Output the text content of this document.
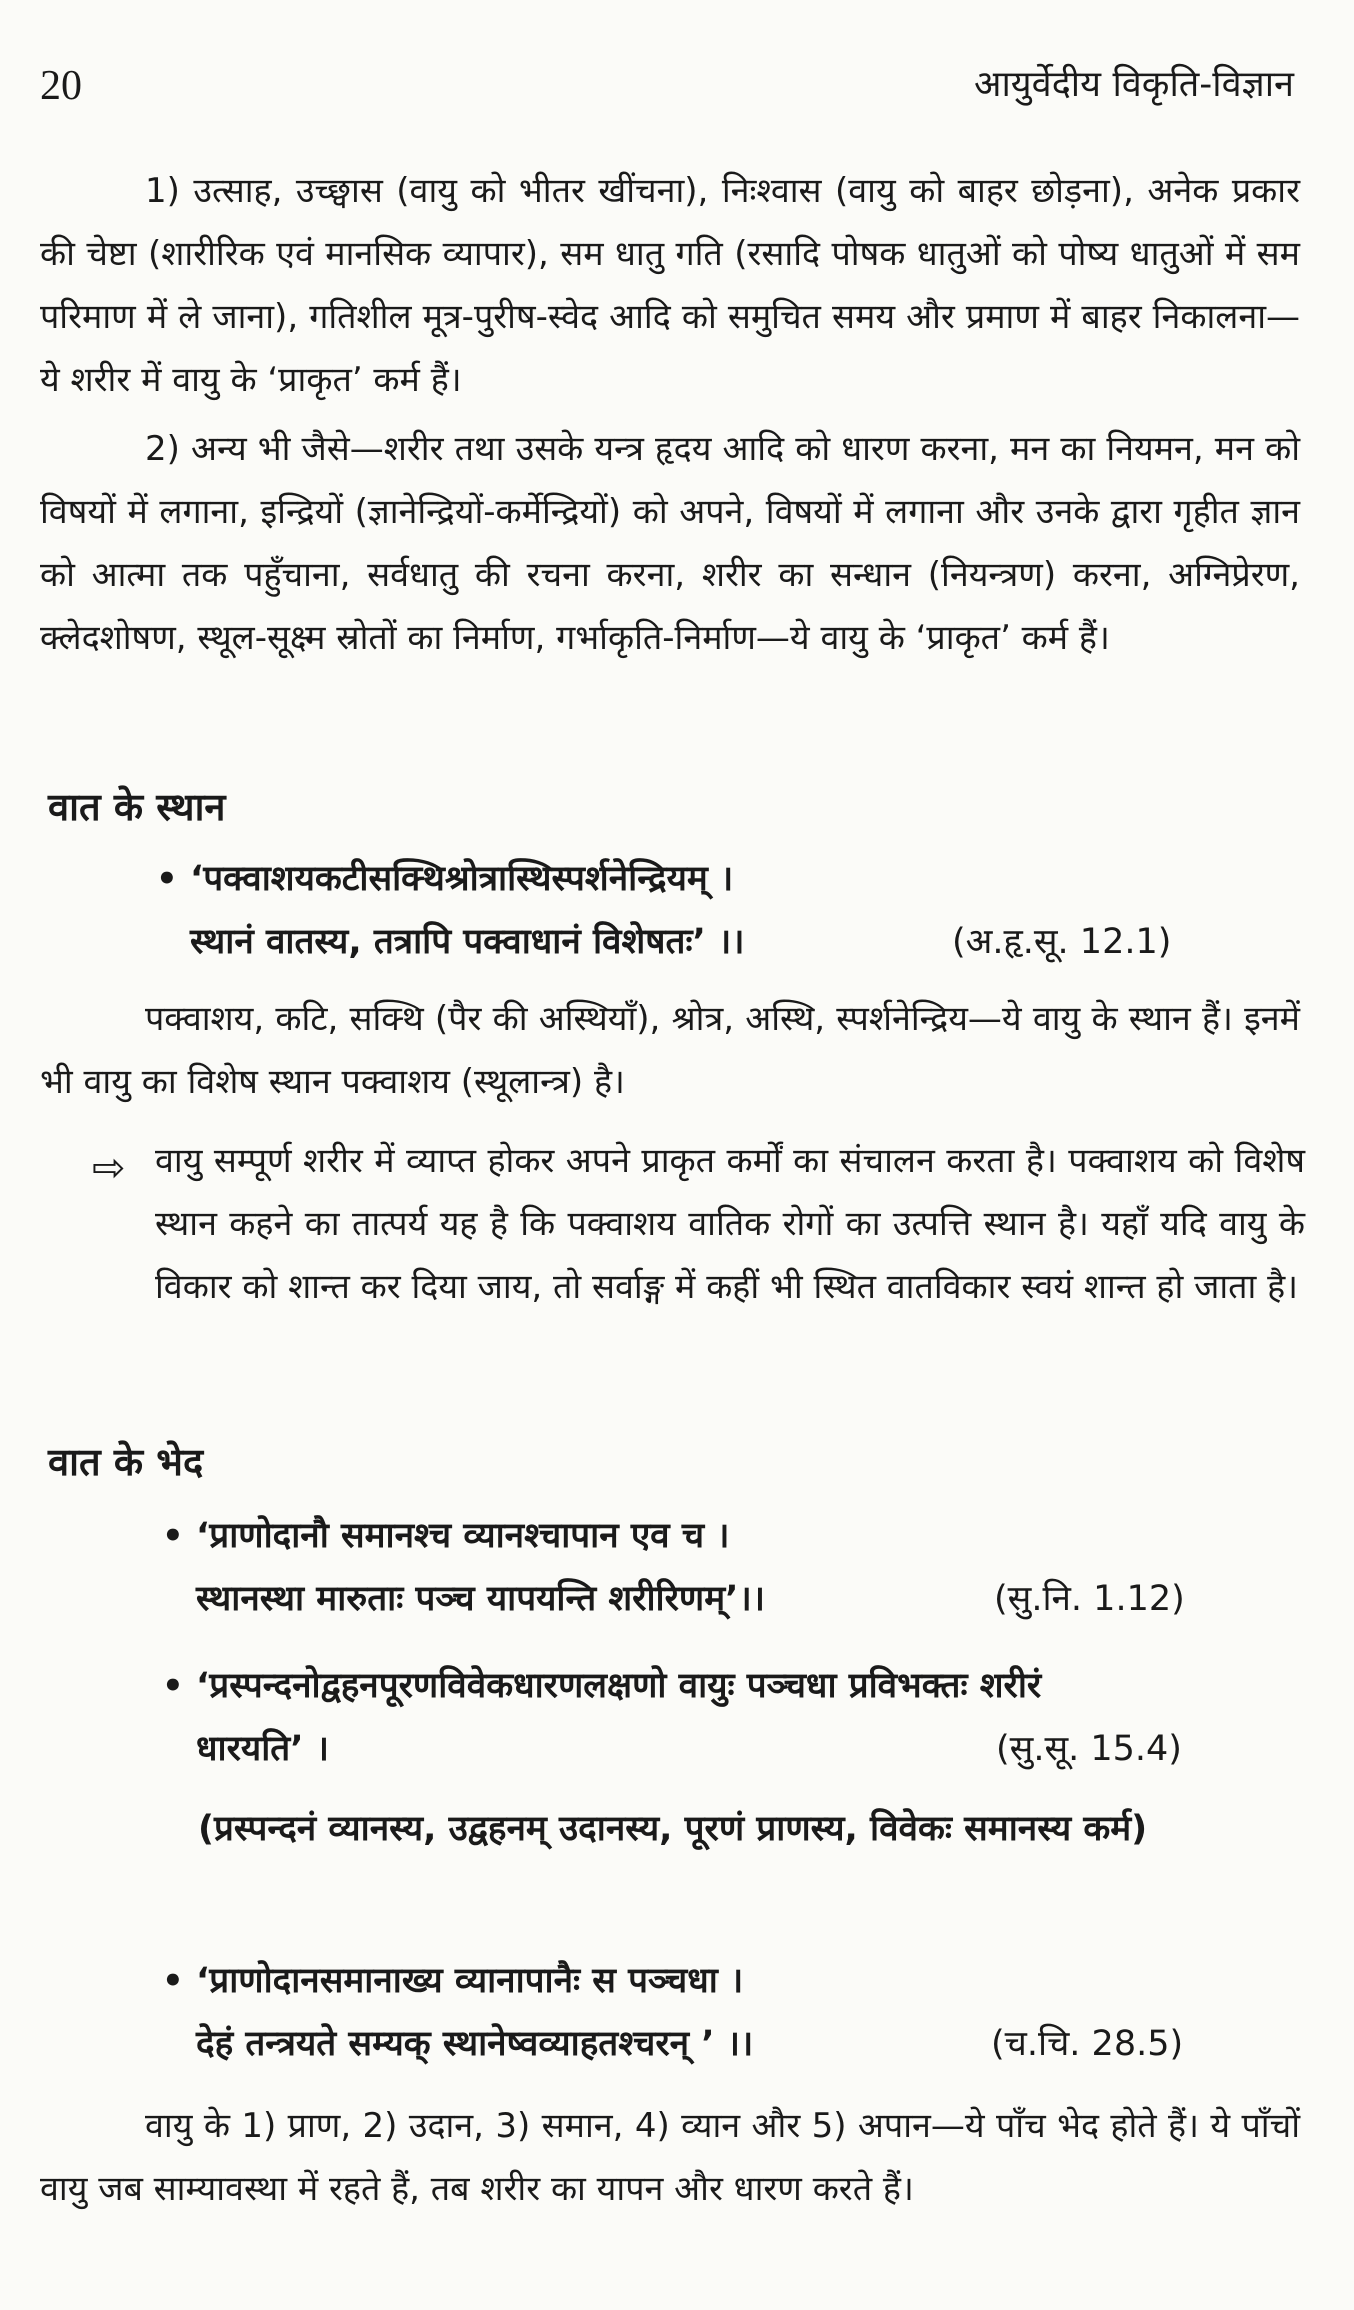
20	आयुर्वेदीय विकृति-विज्ञान

1) उत्साह, उच्छ्वास (वायु को भीतर खींचना), निःश्वास (वायु को बाहर छोड़ना), अनेक प्रकार की चेष्टा (शारीरिक एवं मानसिक व्यापार), सम धातु गति (रसादि पोषक धातुओं को पोष्य धातुओं में सम परिमाण में ले जाना), गतिशील मूत्र-पुरीष-स्वेद आदि को समुचित समय और प्रमाण में बाहर निकालना—ये शरीर में वायु के ‘प्राकृत’ कर्म हैं।

2) अन्य भी जैसे—शरीर तथा उसके यन्त्र हृदय आदि को धारण करना, मन का नियमन, मन को विषयों में लगाना, इन्द्रियों (ज्ञानेन्द्रियों-कर्मेन्द्रियों) को अपने, विषयों में लगाना और उनके द्वारा गृहीत ज्ञान को आत्मा तक पहुँचाना, सर्वधातु की रचना करना, शरीर का सन्धान (नियन्त्रण) करना, अग्निप्रेरण, क्लेदशोषण, स्थूल-सूक्ष्म स्रोतों का निर्माण, गर्भाकृति-निर्माण—ये वायु के ‘प्राकृत’ कर्म हैं।

वात के स्थान
• ‘पक्वाशयकटीसक्थिश्रोत्रास्थिस्पर्शनेन्द्रियम् ।
स्थानं वातस्य, तत्रापि पक्वाधानं विशेषतः’ ।।	(अ.हृ.सू. 12.1)

पक्वाशय, कटि, सक्थि (पैर की अस्थियाँ), श्रोत्र, अस्थि, स्पर्शनेन्द्रिय—ये वायु के स्थान हैं। इनमें भी वायु का विशेष स्थान पक्वाशय (स्थूलान्त्र) है।

⇨ वायु सम्पूर्ण शरीर में व्याप्त होकर अपने प्राकृत कर्मों का संचालन करता है। पक्वाशय को विशेष स्थान कहने का तात्पर्य यह है कि पक्वाशय वातिक रोगों का उत्पत्ति स्थान है। यहाँ यदि वायु के विकार को शान्त कर दिया जाय, तो सर्वाङ्ग में कहीं भी स्थित वातविकार स्वयं शान्त हो जाता है।

वात के भेद
• ‘प्राणोदानौ समानश्च व्यानश्चापान एव च ।
स्थानस्था मारुताः पञ्च यापयन्ति शरीरिणम्’।।	(सु.नि. 1.12)
• ‘प्रस्पन्दनोद्वहनपूरणविवेकधारणलक्षणो वायुः पञ्चधा प्रविभक्तः शरीरं
धारयति’ ।	(सु.सू. 15.4)

(प्रस्पन्दनं व्यानस्य, उद्वहनम् उदानस्य, पूरणं प्राणस्य, विवेकः समानस्य कर्म)

• ‘प्राणोदानसमानाख्य व्यानापानैः स पञ्चधा ।
देहं तन्त्रयते सम्यक् स्थानेष्वव्याहतश्चरन् ’ ।।	(च.चि. 28.5)

वायु के 1) प्राण, 2) उदान, 3) समान, 4) व्यान और 5) अपान—ये पाँच भेद होते हैं। ये पाँचों वायु जब साम्यावस्था में रहते हैं, तब शरीर का यापन और धारण करते हैं।
